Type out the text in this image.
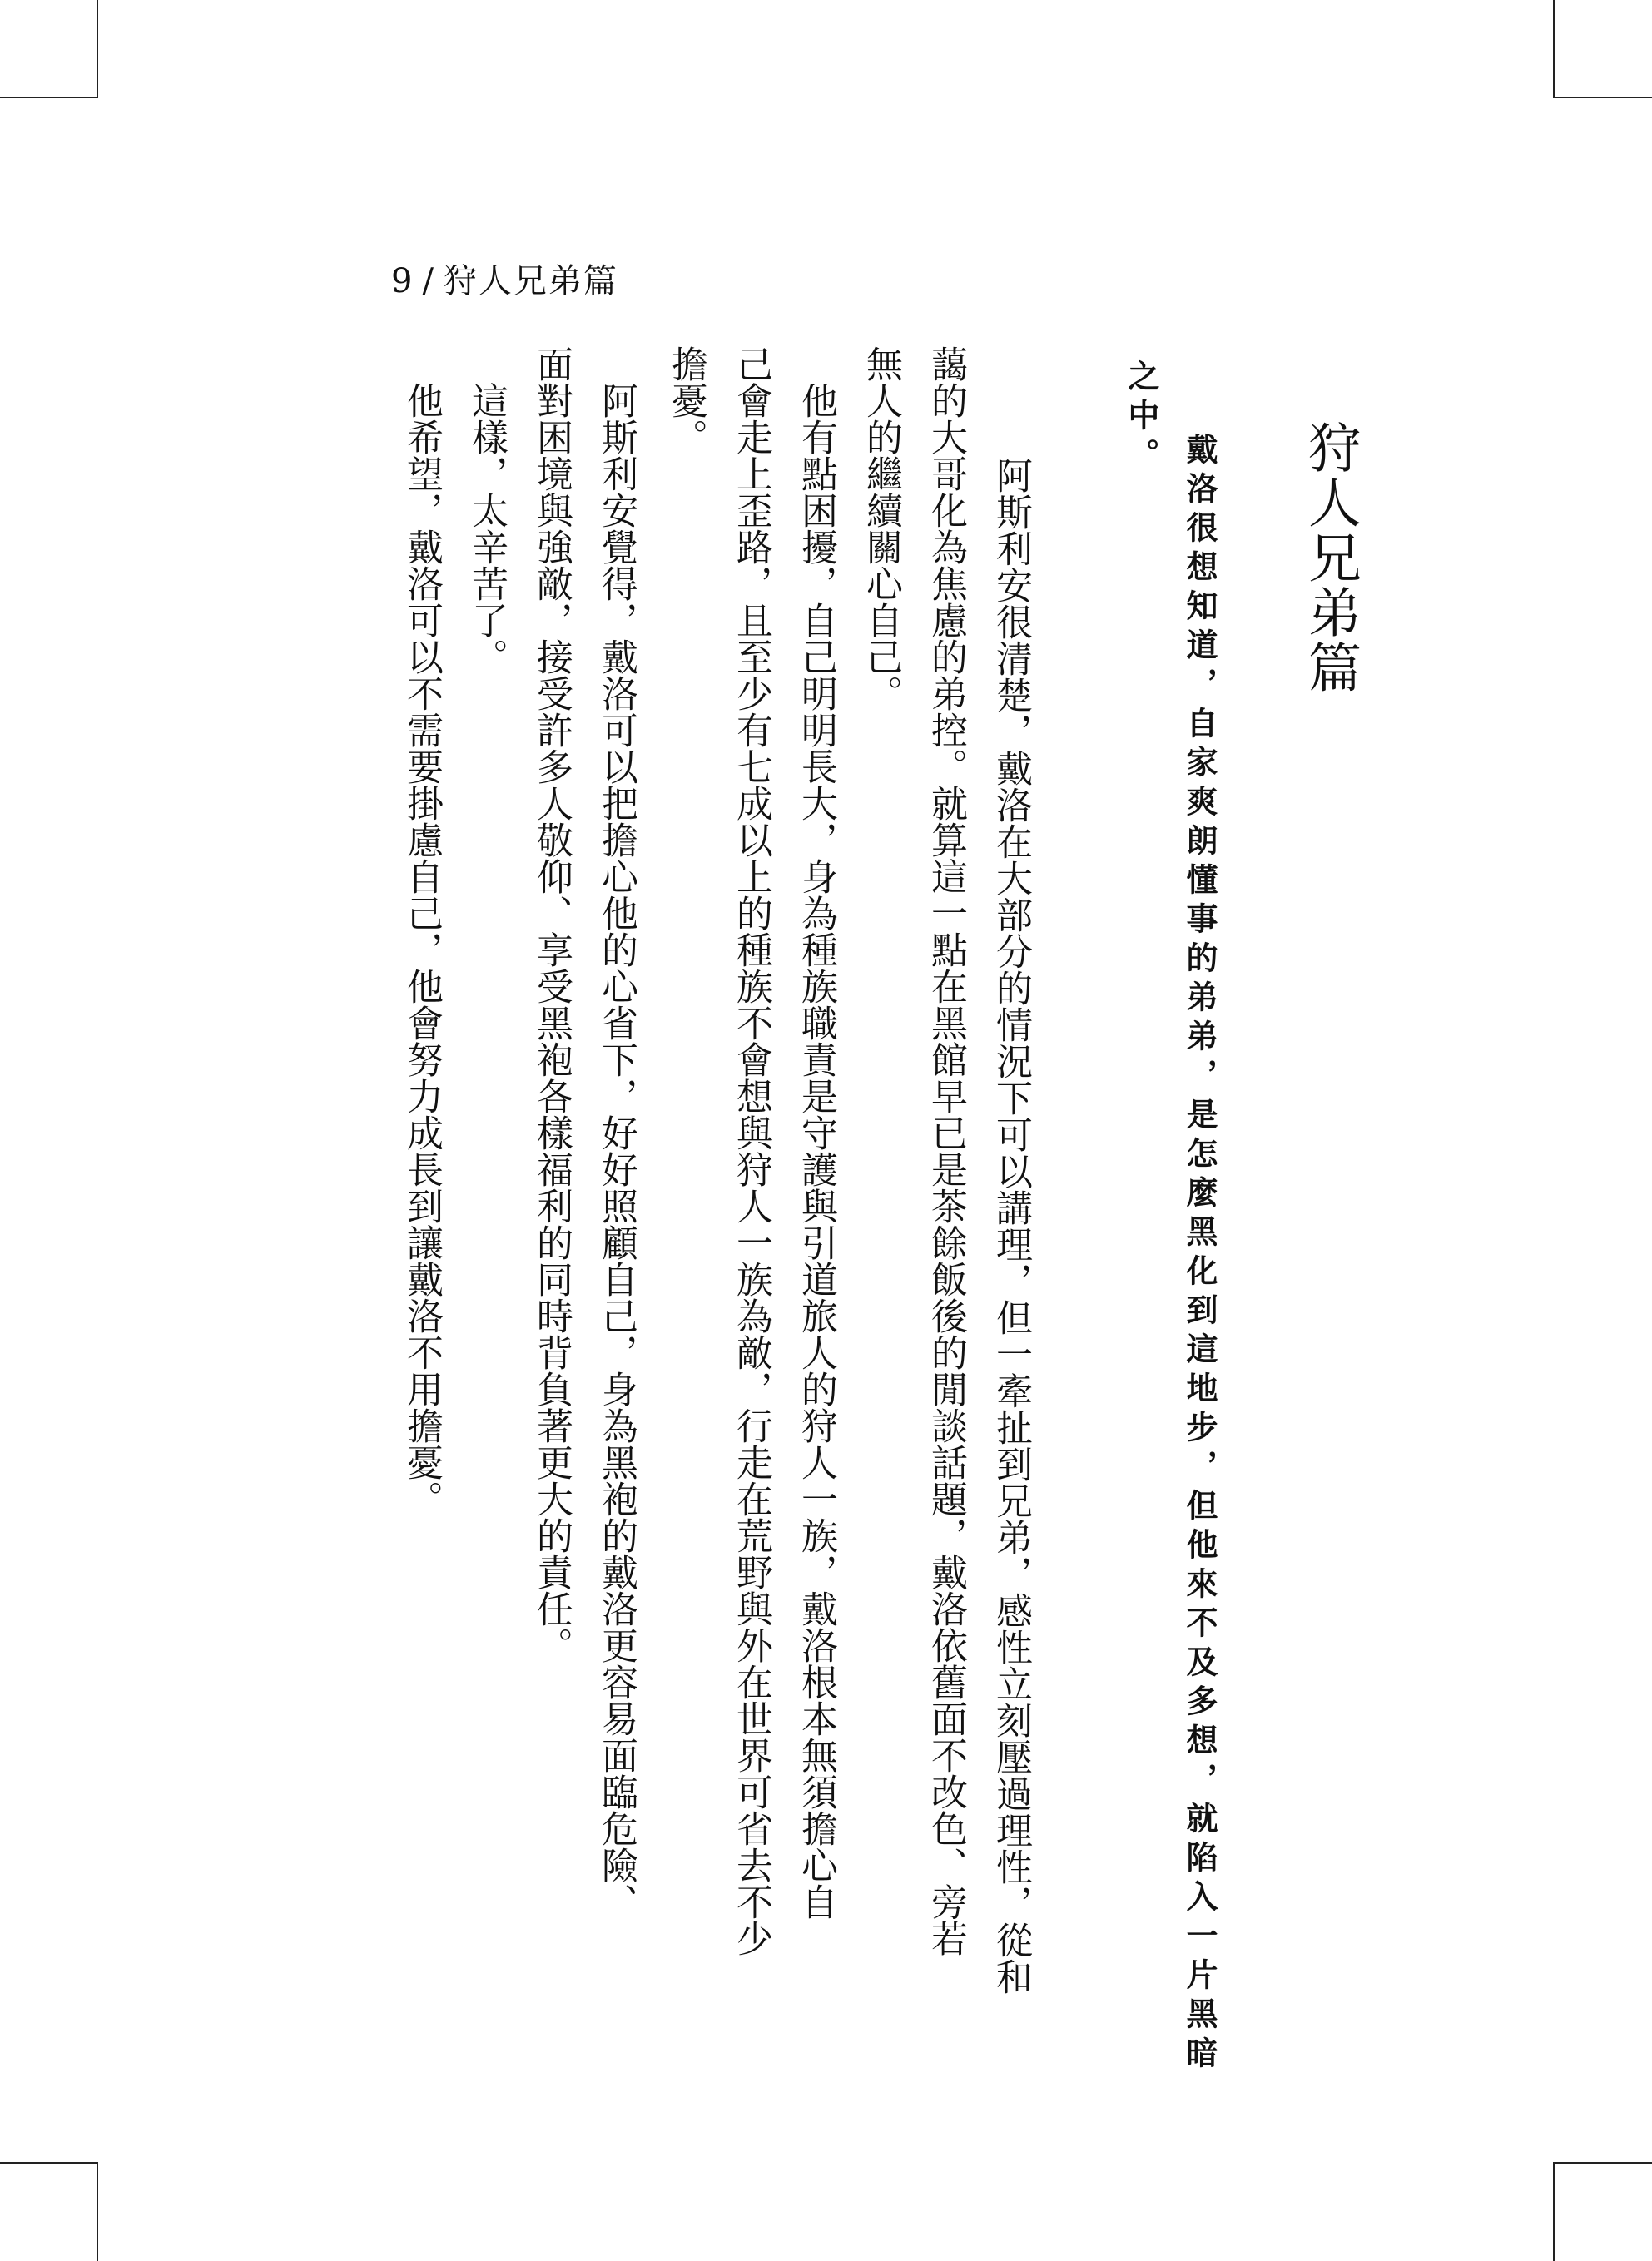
9 / 狩人兄弟篇
狩人兄弟篇
戴洛很想知道，自家爽朗懂事的弟弟，是怎麼黑化到這地步，但他來不及多想，就陷入一片黑暗
之中。
　阿斯利安很清楚，戴洛在大部分的情況下可以講理，但一牽扯到兄弟，感性立刻壓過理性，從和
藹的大哥化為焦慮的弟控。就算這一點在黑館早已是茶餘飯後的閒談話題，戴洛依舊面不改色、旁若
無人的繼續關心自己。
　他有點困擾，自己明明長大，身為種族職責是守護與引道旅人的狩人一族，戴洛根本無須擔心自
己會走上歪路，且至少有七成以上的種族不會想與狩人一族為敵，行走在荒野與外在世界可省去不少
擔憂。
　阿斯利安覺得，戴洛可以把擔心他的心省下，好好照顧自己，身為黑袍的戴洛更容易面臨危險、
面對困境與強敵，接受許多人敬仰、享受黑袍各樣福利的同時背負著更大的責任。
　這樣，太辛苦了。
　他希望，戴洛可以不需要掛慮自己，他會努力成長到讓戴洛不用擔憂。
